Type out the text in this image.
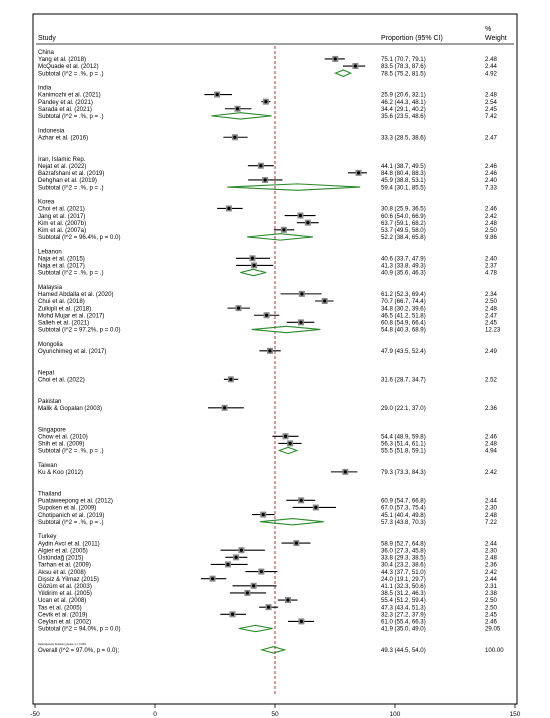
Study	Proportion (95% CI)
%
Weight
China
Yang et al. (2018)	75.1 (70.7, 79.1)	2.48
McQuade et al. (2012)	83.5 (78.3, 87.6)	2.44
Subtotal (I^2 = .%, p = .)	78.5 (75.2, 81.5)	4.92
India
Kanimozhi et al. (2021)	25.9 (20.6, 32.1)	2.48
Pandey et al. (2021)	46.2 (44.3, 48.1)	2.54
Sarada et al. (2021)	34.4 (29.1, 40.2)	2.45
Subtotal (I^2 = .%, p = .)	35.6 (23.5, 48.6)	7.42
Indonesia
Azhar et al. (2016)	33.3 (28.5, 38.6)	2.47
Iran, Islamic Rep.
Nejat et al. (2022)	44.1 (38.7, 49.5)	2.46
Bazrafshani et al. (2019)	84.8 (80.4, 88.3)	2.46
Dehghan et al. (2019)	45.9 (38.8, 53.1)	2.40
Subtotal (I^2 = .%, p = .)	59.4 (30.1, 85.5)	7.33
Korea
Choi et al. (2021)	30.8 (25.9, 36.5)	2.46
Jang et al. (2017)	60.6 (54.0, 66.9)	2.42
Kim et al. (2007b)	63.7 (59.1, 68.2)	2.48
Kim et al. (2007a)	53.7 (49.5, 58.0)	2.50
Subtotal (I^2 = 96.4%, p = 0.0)	52.2 (38.4, 65.8)	9.86
Lebanon
Naja et al. (2015)	40.6 (33.7, 47.9)	2.40
Naja et al. (2017)	41.3 (33.8, 49.3)	2.37
Subtotal (I^2 = .%, p = .)	40.9 (35.6, 46.3)	4.78
Malaysia
Hamed Abdalla et al. (2020)	61.2 (52.3, 69.4)	2.34
Chui et al. (2018)	70.7 (66.7, 74.4)	2.50
Zulkipli et al. (2018)	34.8 (30.2, 39.6)	2.48
Mohd Mujar et al. (2017)	46.5 (41.2, 51.8)	2.47
Salleh et al. (2021)	60.8 (54.9, 66.4)	2.45
Subtotal (I^2 = 97.2%, p = 0.0)	54.8 (40.3, 68.9)	12.23
Mongolia
Oyunchimeg et al. (2017)	47.9 (43.5, 52.4)	2.49
Nepal
Choi et al. (2022)	31.6 (28.7, 34.7)	2.52
Pakistan
Malik & Gopalan (2003)	29.0 (22.1, 37.0)	2.36
Singapore
Chow et al. (2010)	54.4 (48.9, 59.8)	2.46
Shih et al. (2009)	56.3 (51.4, 61.1)	2.48
Subtotal (I^2 = .%, p = .)	55.5 (51.8, 59.1)	4.94
Taiwan
Ku & Koo (2012)	79.3 (73.3, 84.3)	2.42
Thailand
Puataweepong et al. (2012)	60.9 (54.7, 66.8)	2.44
Supoken et al. (2009)	67.0 (57.3, 75.4)	2.30
Chotipanich et al. (2019)	45.1 (40.4, 49.8)	2.48
Subtotal (I^2 = .%, p = .)	57.3 (43.8, 70.3)	7.22
Turkey
Aydin Avci et al. (2011)	58.9 (52.7, 64.8)	2.44
Algier et al. (2005)	36.0 (27.3, 45.8)	2.30
Üstündağ (2015)	33.8 (29.3, 38.5)	2.48
Tarhan et al. (2009)	30.4 (23.2, 38.6)	2.36
Aksu et al. (2008)	44.3 (37.7, 51.0)	2.42
Dişsiz & Yilmaz (2015)	24.0 (19.1, 29.7)	2.44
Gözüm et al. (2003)	41.1 (32.3, 50.6)	2.31
Yildirim et al. (2005)	38.5 (31.2, 46.3)	2.38
Ucan et al. (2008)	55.4 (51.2, 59.4)	2.50
Tas et al. (2005)	47.3 (43.4, 51.3)	2.50
Cevik et al. (2019)	32.3 (27.2, 37.9)	2.45
Ceylan et al. (2002)	61.0 (55.4, 66.3)	2.46
Subtotal (I^2 = 94.0%, p = 0.0)	41.9 (35.0, 49.0)	29.05
Heterogeneity between groups: p = 0.000
Overall (I^2 = 97.0%, p = 0.0);	49.3 (44.5, 54.0)	100.00
-50	0	50	100	150
